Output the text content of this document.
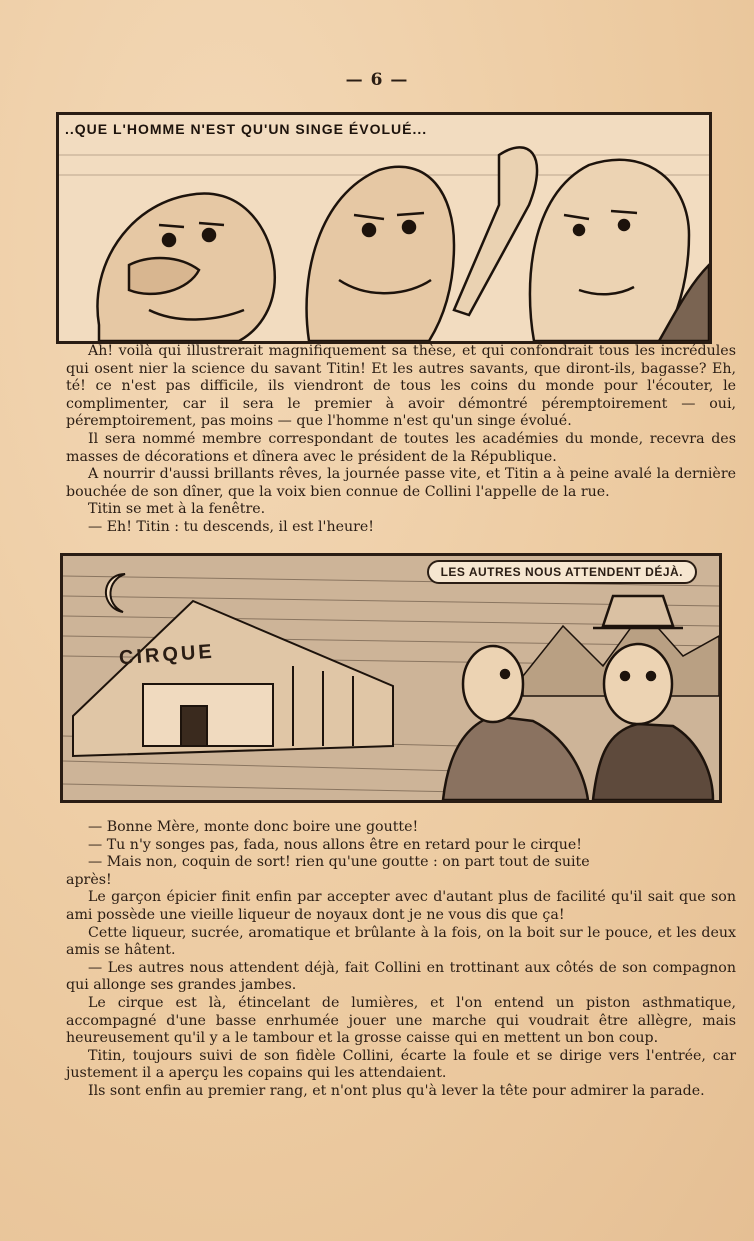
— 6 —
..QUE L'HOMME N'EST QU'UN SINGE ÉVOLUÉ...

Ah! voilà qui illustrerait magnifiquement sa thèse, et qui confondrait tous les incrédules qui osent nier la science du savant Titin! Et les autres savants, que diront-ils, bagasse? Eh, té! ce n'est pas difficile, ils viendront de tous les coins du monde pour l'écouter, le complimenter, car il sera le premier à avoir démontré péremptoirement — oui, péremptoirement, pas moins — que l'homme n'est qu'un singe évolué.

Il sera nommé membre correspondant de toutes les académies du monde, recevra des masses de décorations et dînera avec le président de la République.

A nourrir d'aussi brillants rêves, la journée passe vite, et Titin a à peine avalé la dernière bouchée de son dîner, que la voix bien connue de Collini l'appelle de la rue.

Titin se met à la fenêtre.

— Eh! Titin : tu descends, il est l'heure!

LES AUTRES NOUS ATTENDENT DÉJÀ.
CIRQUE

— Bonne Mère, monte donc boire une goutte!

— Tu n'y songes pas, fada, nous allons être en retard pour le cirque!

— Mais non, coquin de sort! rien qu'une goutte : on part tout de suite

après!

Le garçon épicier finit enfin par accepter avec d'autant plus de facilité qu'il sait que son ami possède une vieille liqueur de noyaux dont je ne vous dis que ça!

Cette liqueur, sucrée, aromatique et brûlante à la fois, on la boit sur le pouce, et les deux amis se hâtent.

— Les autres nous attendent déjà, fait Collini en trottinant aux côtés de son compagnon qui allonge ses grandes jambes.

Le cirque est là, étincelant de lumières, et l'on entend un piston asthmatique, accompagné d'une basse enrhumée jouer une marche qui voudrait être allègre, mais heureusement qu'il y a le tambour et la grosse caisse qui en mettent un bon coup.

Titin, toujours suivi de son fidèle Collini, écarte la foule et se dirige vers l'entrée, car justement il a aperçu les copains qui les attendaient.

Ils sont enfin au premier rang, et n'ont plus qu'à lever la tête pour admirer la parade.
